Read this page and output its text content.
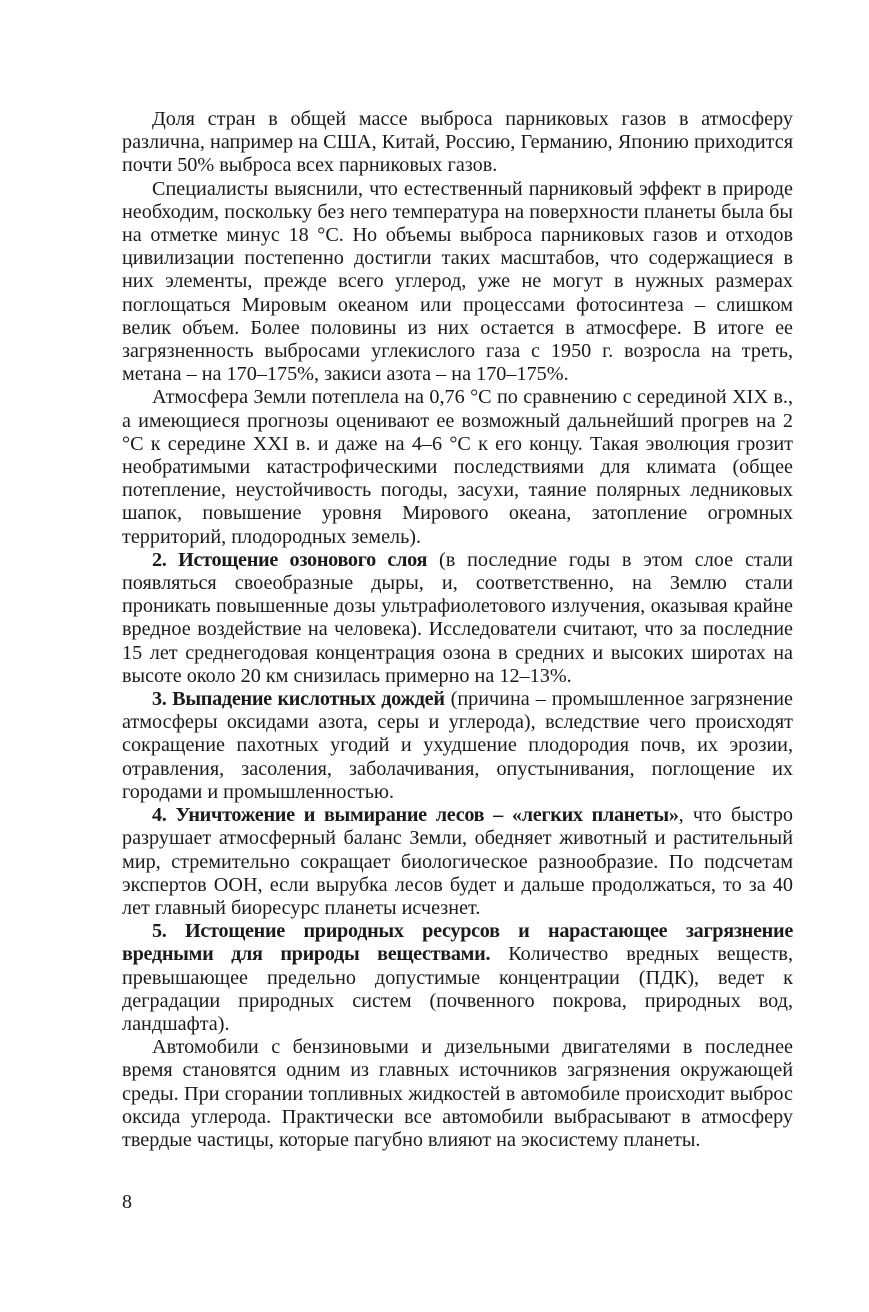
Доля стран в общей массе выброса парниковых газов в атмосферу различна, например на США, Китай, Россию, Германию, Японию приходится почти 50% выброса всех парниковых газов.

Специалисты выяснили, что естественный парниковый эффект в природе необходим, поскольку без него температура на поверхности планеты была бы на отметке минус 18 °С. Но объемы выброса парниковых газов и отходов цивилизации постепенно достигли таких масштабов, что содержащиеся в них элементы, прежде всего углерод, уже не могут в нужных размерах поглощаться Мировым океаном или процессами фотосинтеза – слишком велик объем. Более половины из них остается в атмосфере. В итоге ее загрязненность выбросами углекислого газа с 1950 г. возросла на треть, метана – на 170–175%, закиси азота – на 170–175%.

Атмосфера Земли потеплела на 0,76 °С по сравнению с серединой XIX в., а имеющиеся прогнозы оценивают ее возможный дальнейший прогрев на 2 °С к середине XXI в. и даже на 4–6 °С к его концу. Такая эволюция грозит необратимыми катастрофическими последствиями для климата (общее потепление, неустойчивость погоды, засухи, таяние полярных ледниковых шапок, повышение уровня Мирового океана, затопление огромных территорий, плодородных земель).

2. Истощение озонового слоя (в последние годы в этом слое стали появляться своеобразные дыры, и, соответственно, на Землю стали проникать повышенные дозы ультрафиолетового излучения, оказывая крайне вредное воздействие на человека). Исследователи считают, что за последние 15 лет среднегодовая концентрация озона в средних и высоких широтах на высоте около 20 км снизилась примерно на 12–13%.

3. Выпадение кислотных дождей (причина – промышленное загрязнение атмосферы оксидами азота, серы и углерода), вследствие чего происходят сокращение пахотных угодий и ухудшение плодородия почв, их эрозии, отравления, засоления, заболачивания, опустынивания, поглощение их городами и промышленностью.

4. Уничтожение и вымирание лесов – «легких планеты», что быстро разрушает атмосферный баланс Земли, обедняет животный и растительный мир, стремительно сокращает биологическое разнообразие. По подсчетам экспертов ООН, если вырубка лесов будет и дальше продолжаться, то за 40 лет главный биоресурс планеты исчезнет.

5. Истощение природных ресурсов и нарастающее загрязнение вредными для природы веществами. Количество вредных веществ, превышающее предельно допустимые концентрации (ПДК), ведет к деградации природных систем (почвенного покрова, природных вод, ландшафта).

Автомобили с бензиновыми и дизельными двигателями в последнее время становятся одним из главных источников загрязнения окружающей среды. При сгорании топливных жидкостей в автомобиле происходит выброс оксида углерода. Практически все автомобили выбрасывают в атмосферу твердые частицы, которые пагубно влияют на экосистему планеты.

8
